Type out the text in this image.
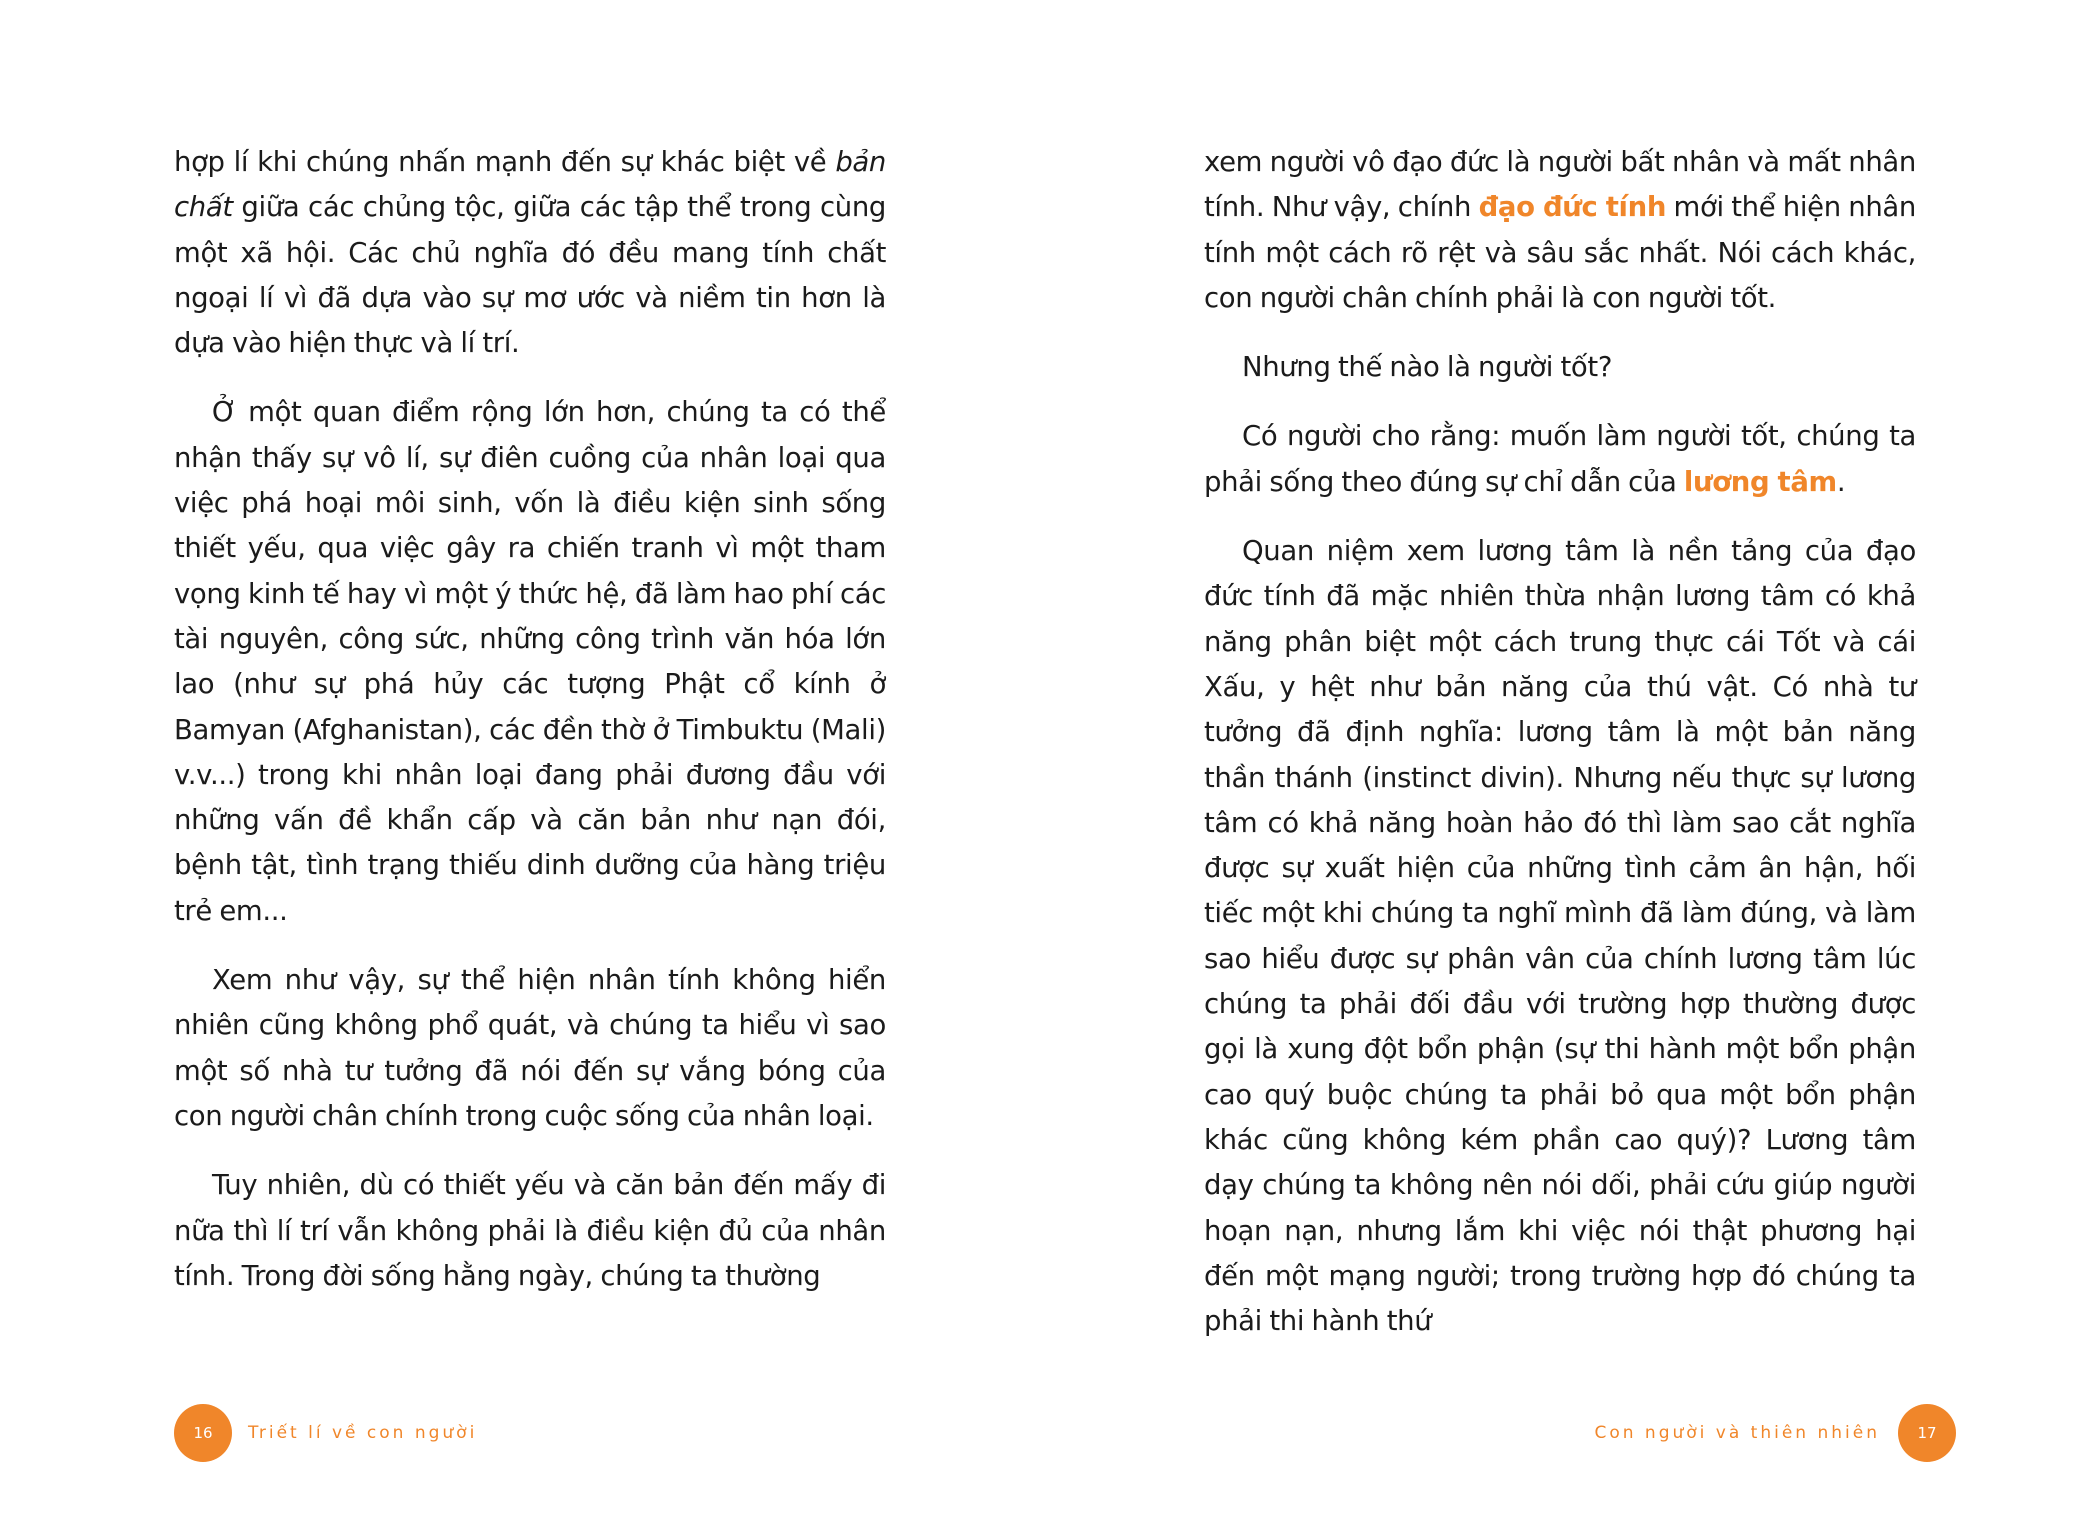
hợp lí khi chúng nhấn mạnh đến sự khác biệt về bản chất giữa các chủng tộc, giữa các tập thể trong cùng một xã hội. Các chủ nghĩa đó đều mang tính chất ngoại lí vì đã dựa vào sự mơ ước và niềm tin hơn là dựa vào hiện thực và lí trí.

Ở một quan điểm rộng lớn hơn, chúng ta có thể nhận thấy sự vô lí, sự điên cuồng của nhân loại qua việc phá hoại môi sinh, vốn là điều kiện sinh sống thiết yếu, qua việc gây ra chiến tranh vì một tham vọng kinh tế hay vì một ý thức hệ, đã làm hao phí các tài nguyên, công sức, những công trình văn hóa lớn lao (như sự phá hủy các tượng Phật cổ kính ở Bamyan (Afghanistan), các đền thờ ở Timbuktu (Mali) v.v...) trong khi nhân loại đang phải đương đầu với những vấn đề khẩn cấp và căn bản như nạn đói, bệnh tật, tình trạng thiếu dinh dưỡng của hàng triệu trẻ em...

Xem như vậy, sự thể hiện nhân tính không hiển nhiên cũng không phổ quát, và chúng ta hiểu vì sao một số nhà tư tưởng đã nói đến sự vắng bóng của con người chân chính trong cuộc sống của nhân loại.

Tuy nhiên, dù có thiết yếu và căn bản đến mấy đi nữa thì lí trí vẫn không phải là điều kiện đủ của nhân tính. Trong đời sống hằng ngày, chúng ta thường

16	Triết lí về con người

xem người vô đạo đức là người bất nhân và mất nhân tính. Như vậy, chính đạo đức tính mới thể hiện nhân tính một cách rõ rệt và sâu sắc nhất. Nói cách khác, con người chân chính phải là con người tốt.

Nhưng thế nào là người tốt?

Có người cho rằng: muốn làm người tốt, chúng ta phải sống theo đúng sự chỉ dẫn của lương tâm.

Quan niệm xem lương tâm là nền tảng của đạo đức tính đã mặc nhiên thừa nhận lương tâm có khả năng phân biệt một cách trung thực cái Tốt và cái Xấu, y hệt như bản năng của thú vật. Có nhà tư tưởng đã định nghĩa: lương tâm là một bản năng thần thánh (instinct divin). Nhưng nếu thực sự lương tâm có khả năng hoàn hảo đó thì làm sao cắt nghĩa được sự xuất hiện của những tình cảm ân hận, hối tiếc một khi chúng ta nghĩ mình đã làm đúng, và làm sao hiểu được sự phân vân của chính lương tâm lúc chúng ta phải đối đầu với trường hợp thường được gọi là xung đột bổn phận (sự thi hành một bổn phận cao quý buộc chúng ta phải bỏ qua một bổn phận khác cũng không kém phần cao quý)? Lương tâm dạy chúng ta không nên nói dối, phải cứu giúp người hoạn nạn, nhưng lắm khi việc nói thật phương hại đến một mạng người; trong trường hợp đó chúng ta phải thi hành thứ

Con người và thiên nhiên	17
